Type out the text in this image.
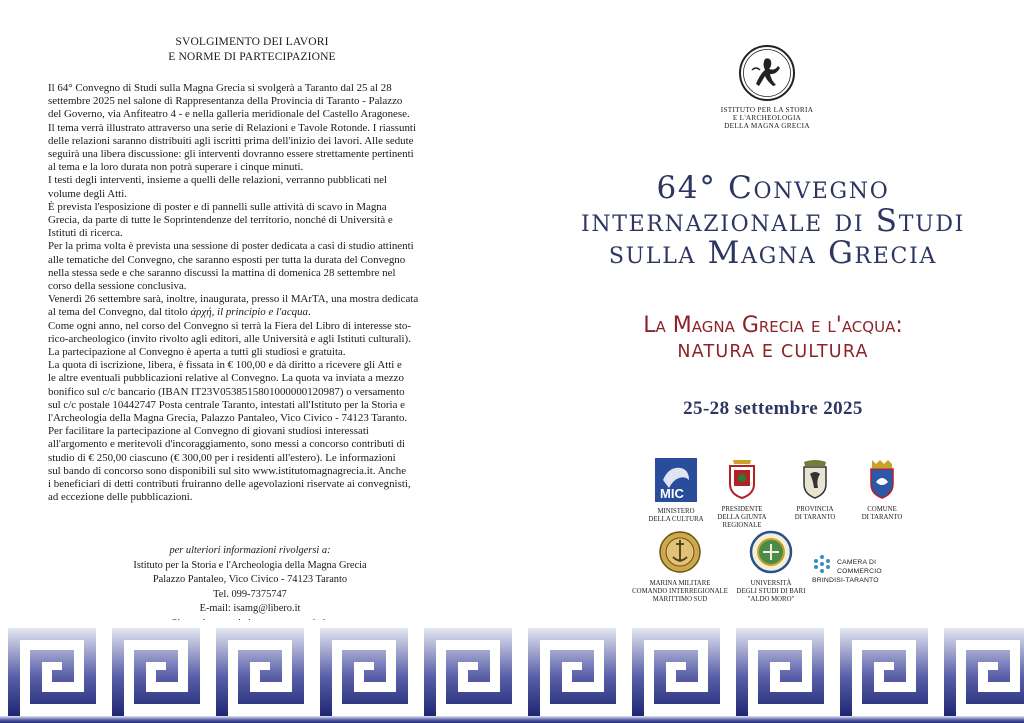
SVOLGIMENTO DEI LAVORI
E NORME DI PARTECIPAZIONE

Il 64° Convegno di Studi sulla Magna Grecia si svolgerà a Taranto dal 25 al 28

settembre 2025 nel salone di Rappresentanza della Provincia di Taranto - Palazzo

del Governo, via Anfiteatro 4 - e nella galleria meridionale del Castello Aragonese.

Il tema verrà illustrato attraverso una serie di Relazioni e Tavole Rotonde. I riassunti

delle relazioni saranno distribuiti agli iscritti prima dell'inizio dei lavori. Alle sedute

seguirà una libera discussione: gli interventi dovranno essere strettamente pertinenti

al tema e la loro durata non potrà superare i cinque minuti.

I testi degli interventi, insieme a quelli delle relazioni, verranno pubblicati nel

volume degli Atti.

È prevista l'esposizione di poster e di pannelli sulle attività di scavo in Magna

Grecia, da parte di tutte le Soprintendenze del territorio, nonché di Università e

Istituti di ricerca.

Per la prima volta è prevista una sessione di poster dedicata a casi di studio attinenti

alle tematiche del Convegno, che saranno esposti per tutta la durata del Convegno

nella stessa sede e che saranno discussi la mattina di domenica 28 settembre nel

corso della sessione conclusiva.

Venerdì 26 settembre sarà, inoltre, inaugurata, presso il MArTA, una mostra dedicata

al tema del Convegno, dal titolo ἀρχή, il principio e l'acqua.

Come ogni anno, nel corso del Convegno si terrà la Fiera del Libro di interesse sto-

rico-archeologico (invito rivolto agli editori, alle Università e agli Istituti culturali).

La partecipazione al Convegno è aperta a tutti gli studiosi e gratuita.

La quota di iscrizione, libera, è fissata in € 100,00 e dà diritto a ricevere gli Atti e

le altre eventuali pubblicazioni relative al Convegno. La quota va inviata a mezzo

bonifico sul c/c bancario (IBAN IT23V0538515801000000120987) o versamento

sul c/c postale 10442747 Posta centrale Taranto, intestati all'Istituto per la Storia e

l'Archeologia della Magna Grecia, Palazzo Pantaleo, Vico Civico - 74123 Taranto.

Per facilitare la partecipazione al Convegno di giovani studiosi interessati

all'argomento e meritevoli d'incoraggiamento, sono messi a concorso contributi di

studio di € 250,00 ciascuno (€ 300,00 per i residenti all'estero). Le informazioni

sul bando di concorso sono disponibili sul sito www.istitutomagnagrecia.it. Anche

i beneficiari di detti contributi fruiranno delle agevolazioni riservate ai convegnisti,

ad eccezione delle pubblicazioni.

per ulteriori informazioni rivolgersi a:
Istituto per la Storia e l'Archeologia della Magna Grecia
Palazzo Pantaleo, Vico Civico - 74123 Taranto
Tel. 099-7375747
E-mail: isamg@libero.it
ISTITUTO PER LA STORIA
E L'ARCHEOLOGIA
DELLA MAGNA GRECIA
64° Convegno
internazionale di Studi
sulla Magna Grecia
La Magna Grecia e l'acqua:
NATURA E CULTURA
25-28 settembre 2025
MIC
MINISTERO
DELLA CULTURA
PRESIDENTE
DELLA GIUNTA REGIONALE
PROVINCIA
DI TARANTO
COMUNE
DI TARANTO
MARINA MILITARE
COMANDO INTERREGIONALE
MARITTIMO SUD
UNIVERSITÀ
DEGLI STUDI DI BARI
"ALDO MORO"
CAMERA DI COMMERCIO
BRINDISI-TARANTO
